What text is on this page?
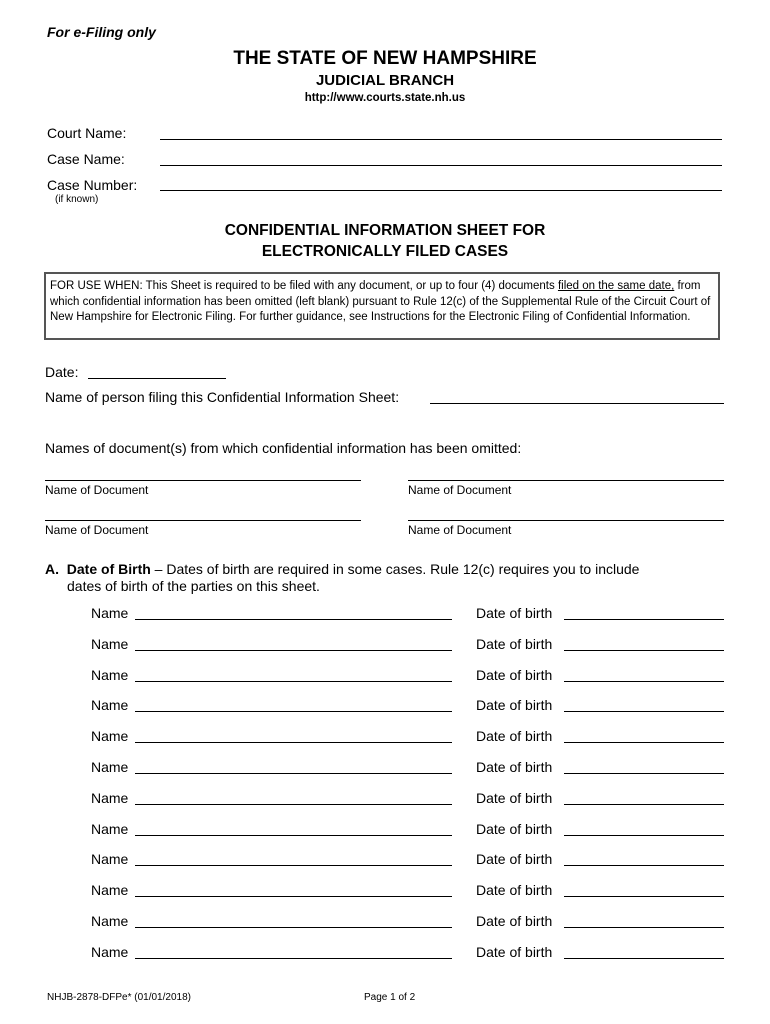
For e-Filing only
THE STATE OF NEW HAMPSHIRE
JUDICIAL BRANCH
http://www.courts.state.nh.us
Court Name:
Case Name:
Case Number:
(if known)
CONFIDENTIAL INFORMATION SHEET FOR
ELECTRONICALLY FILED CASES
FOR USE WHEN: This Sheet is required to be filed with any document, or up to four (4) documents filed on the same date, from which confidential information has been omitted (left blank) pursuant to Rule 12(c) of the Supplemental Rule of the Circuit Court of New Hampshire for Electronic Filing. For further guidance, see Instructions for the Electronic Filing of Confidential Information.
Date:
Name of person filing this Confidential Information Sheet:
Names of document(s) from which confidential information has been omitted:
Name of Document	Name of Document
Name of Document	Name of Document
A. Date of Birth – Dates of birth are required in some cases. Rule 12(c) requires you to include
dates of birth of the parties on this sheet.
Name	Date of birth
Name	Date of birth
Name	Date of birth
Name	Date of birth
Name	Date of birth
Name	Date of birth
Name	Date of birth
Name	Date of birth
Name	Date of birth
Name	Date of birth
Name	Date of birth
Name	Date of birth
NHJB-2878-DFPe* (01/01/2018)	Page 1 of 2
